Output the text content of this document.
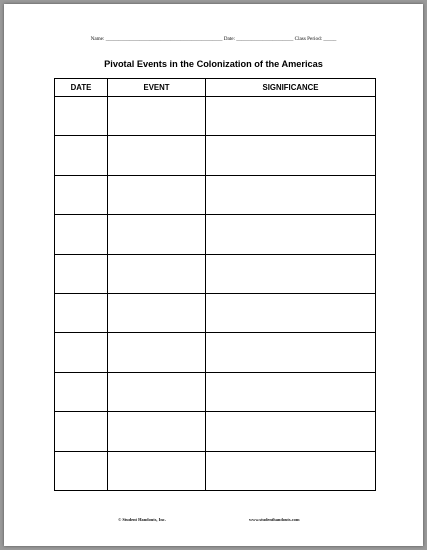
Name: _____________________________________________ Date: ______________________ Class Period: _____
Pivotal Events in the Colonization of the Americas
DATE	EVENT	SIGNIFICANCE

© Student Handouts, Inc.	www.studenthandouts.com
